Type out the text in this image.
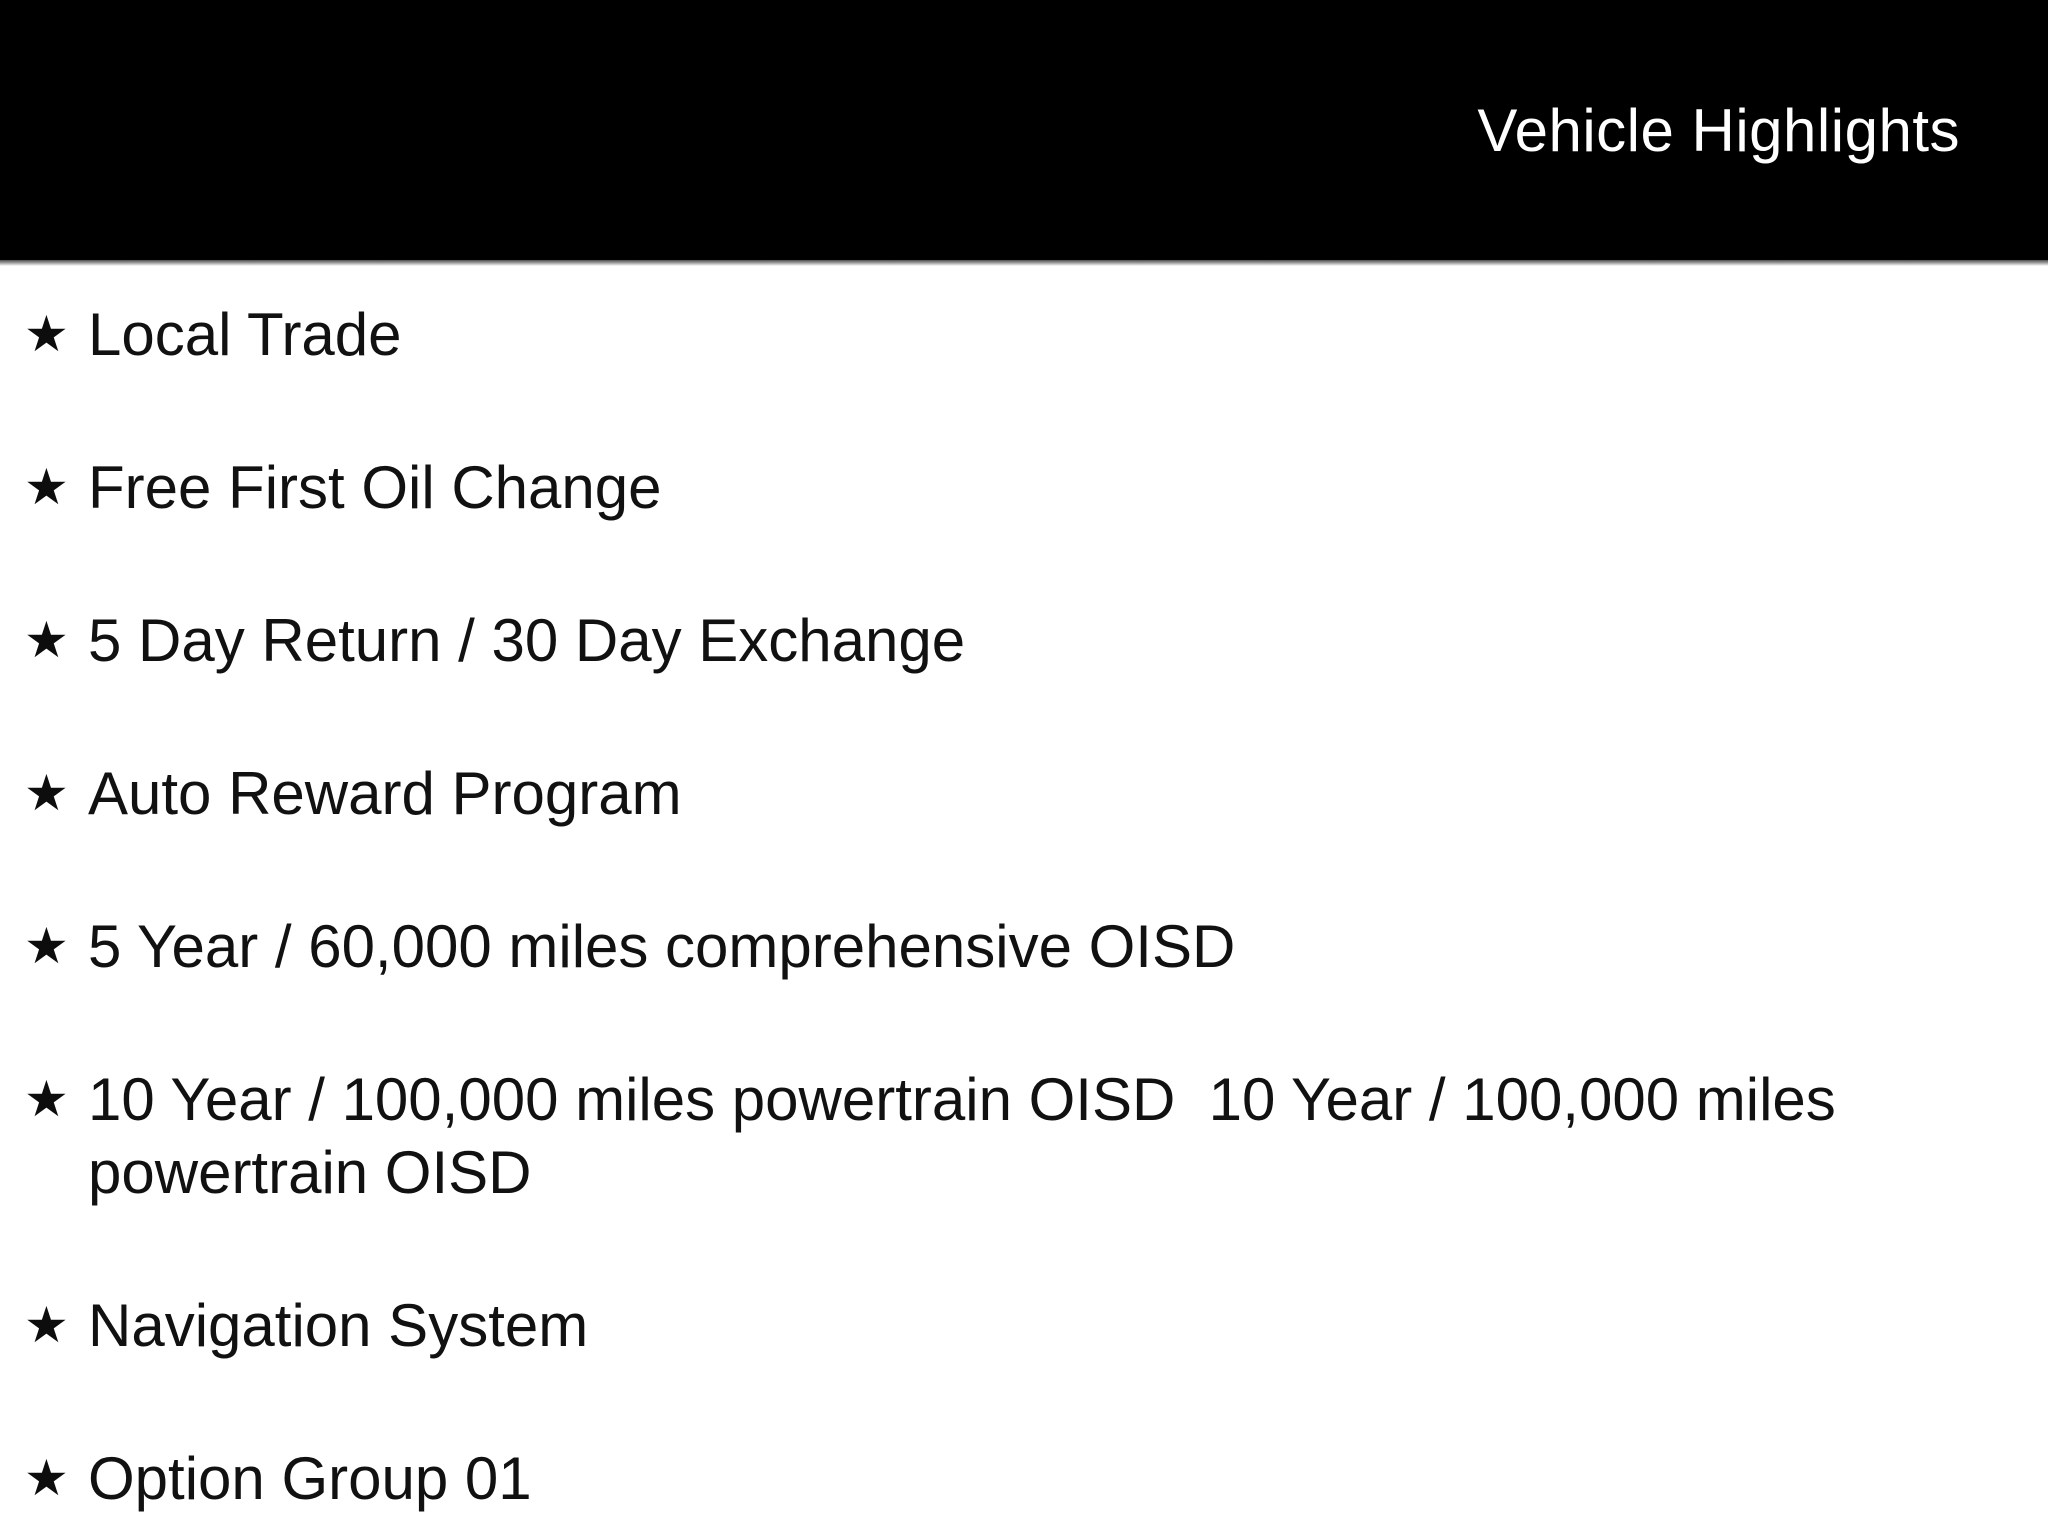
Vehicle Highlights
★ Local Trade
★ Free First Oil Change
★ 5 Day Return / 30 Day Exchange
★ Auto Reward Program
★ 5 Year / 60,000 miles comprehensive OISD
★ 10 Year / 100,000 miles powertrain OISD  10 Year / 100,000 miles powertrain OISD
★ Navigation System
★ Option Group 01
